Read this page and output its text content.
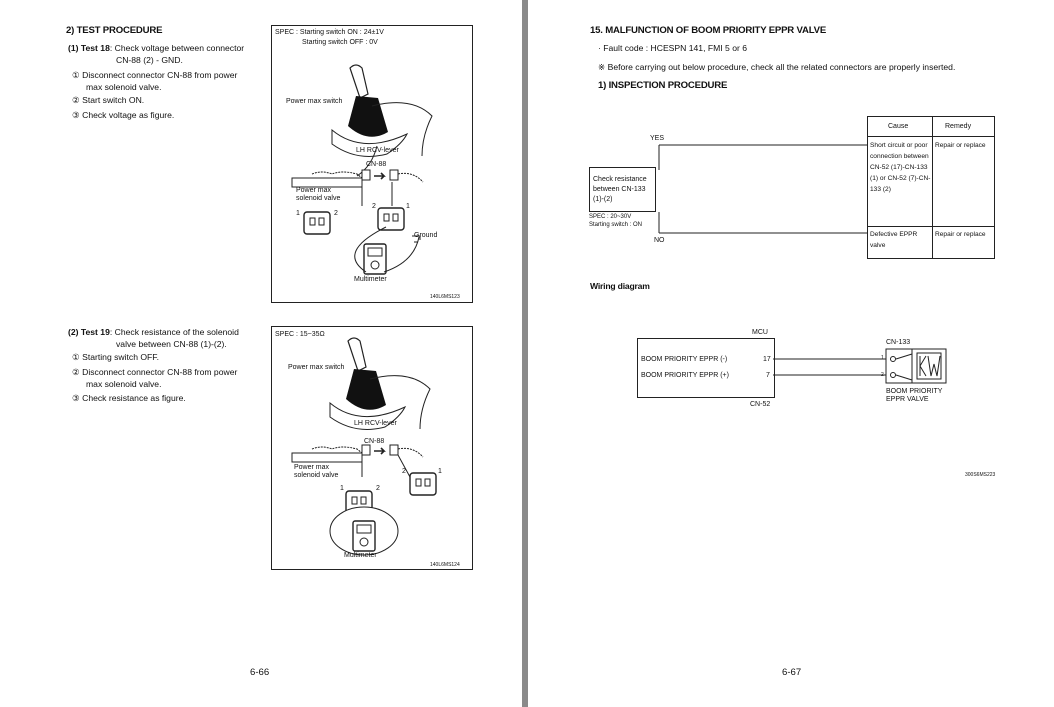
2) TEST PROCEDURE
(1) Test 18: Check voltage between connector
CN-88 (2) - GND.
① Disconnect connector CN-88 from power
max solenoid valve.
② Start switch ON.
③ Check voltage as figure.
SPEC : Starting switch ON : 24±1V
Starting switch OFF : 0V
Power max switch
LH RCV-lever
CN-88
Power max
solenoid valve
1	2
2	1
Ground
Multimeter
140L6MS123
(2) Test 19: Check resistance of the solenoid
valve between CN-88 (1)-(2).
① Starting switch OFF.
② Disconnect connector CN-88 from power
max solenoid valve.
③ Check resistance as figure.
SPEC : 15~35Ω
Power max switch
LH RCV-lever
CN-88
Power max
solenoid valve
1	2
2	1
Multimeter
140L6MS124
6-66
15. MALFUNCTION OF BOOM PRIORITY EPPR VALVE
· Fault code : HCESPN 141, FMI 5 or 6
※ Before carrying out below procedure, check all the related connectors are properly inserted.
1) INSPECTION PROCEDURE
Check resistance
between CN-133
(1)-(2)
YES
NO
SPEC : 20~30V
Starting switch : ON
Cause	Remedy
Short circuit or poor
connection between
CN-52 (17)-CN-133
(1) or CN-52 (7)-CN-
133 (2)
Repair or replace
Defective EPPR
valve
Repair or replace
Wiring diagram
BOOM PRIORITY EPPR (-)
BOOM PRIORITY EPPR (+)
17
7
MCU
CN-52
CN-133
1
2
BOOM PRIORITY
EPPR VALVE
300S6MS223
6-67
